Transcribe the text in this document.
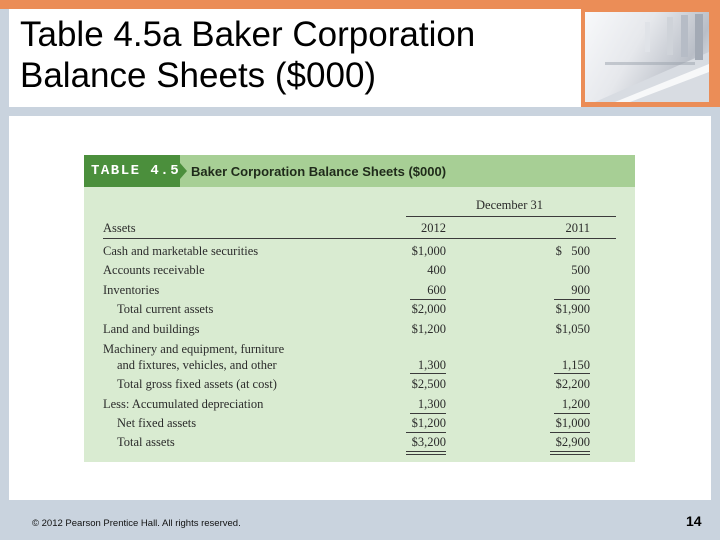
Table 4.5a Baker Corporation
Balance Sheets ($000)
TABLE 4.5 Baker Corporation Balance Sheets ($000)
December 31
Assets	2012	2011
Cash and marketable securities	$1,000	$   500
Accounts receivable	400	500
Inventories	600	900
Total current assets	$2,000	$1,900
Land and buildings	$1,200	$1,050
Machinery and equipment, furniture
and fixtures, vehicles, and other	1,300	1,150
Total gross fixed assets (at cost)	$2,500	$2,200
Less: Accumulated depreciation	1,300	1,200
Net fixed assets	$1,200	$1,000
Total assets	$3,200	$2,900
© 2012 Pearson Prentice Hall. All rights reserved.	14
